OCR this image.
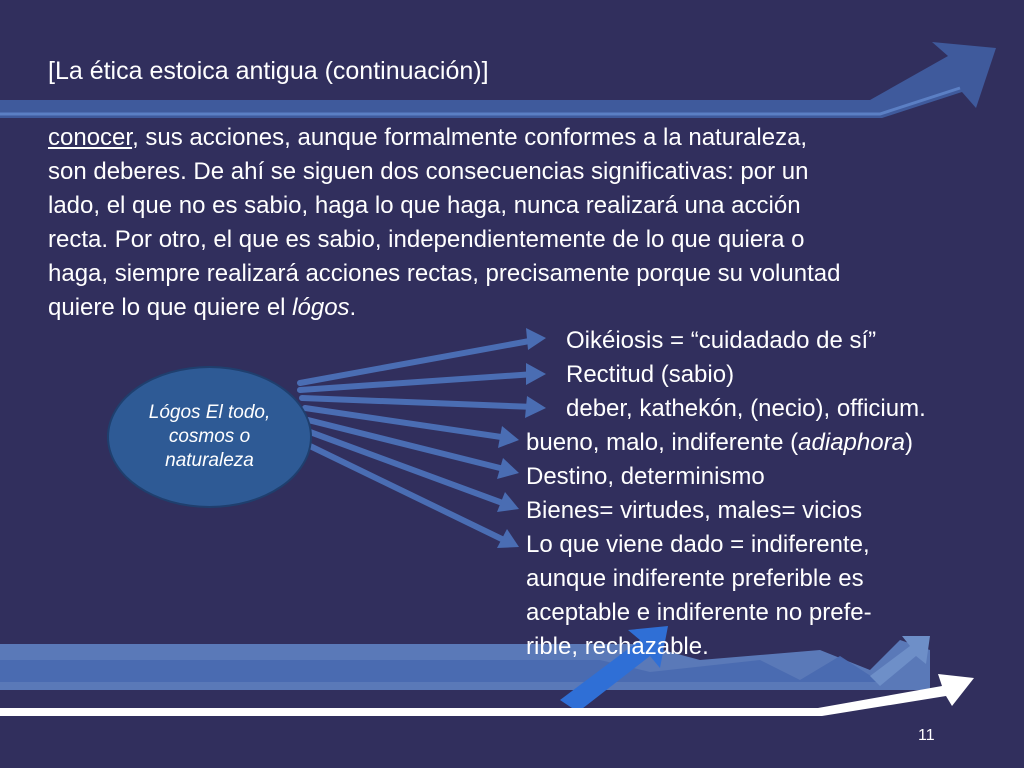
[La ética estoica antigua (continuación)]
conocer, sus acciones, aunque formalmente conformes a la naturaleza,
son deberes. De ahí se siguen dos consecuencias significativas: por un
lado, el que no es sabio, haga lo que haga, nunca realizará una acción
recta. Por otro, el que es sabio, independientemente de lo que quiera o
haga, siempre realizará acciones rectas, precisamente porque su voluntad
quiere lo que quiere el lógos.
Lógos El todo, cosmos o naturaleza
Oikéiosis = “cuidadado de sí”
Rectitud (sabio)
deber, kathekón, (necio), officium.
bueno, malo, indiferente (adiaphora)
Destino, determinismo
Bienes= virtudes, males= vicios
Lo que viene dado = indiferente,
aunque indiferente preferible es
aceptable e indiferente no prefe-
rible, rechazable.
11
